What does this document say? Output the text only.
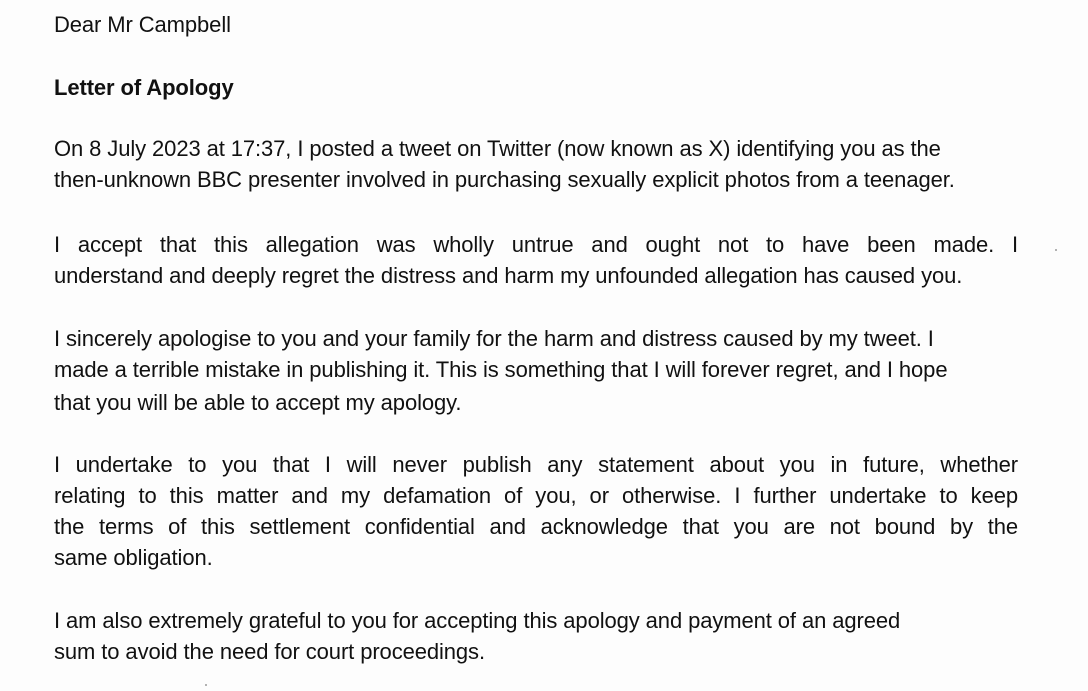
Dear Mr Campbell

Letter of Apology

On 8 July 2023 at 17:37, I posted a tweet on Twitter (now known as X) identifying you as the

then-unknown BBC presenter involved in purchasing sexually explicit photos from a teenager.

I accept that this allegation was wholly untrue and ought not to have been made. I

understand and deeply regret the distress and harm my unfounded allegation has caused you.

I sincerely apologise to you and your family for the harm and distress caused by my tweet. I

made a terrible mistake in publishing it. This is something that I will forever regret, and I hope

that you will be able to accept my apology.

I undertake to you that I will never publish any statement about you in future, whether

relating to this matter and my defamation of you, or otherwise. I further undertake to keep

the terms of this settlement confidential and acknowledge that you are not bound by the

same obligation.

I am also extremely grateful to you for accepting this apology and payment of an agreed

sum to avoid the need for court proceedings.
